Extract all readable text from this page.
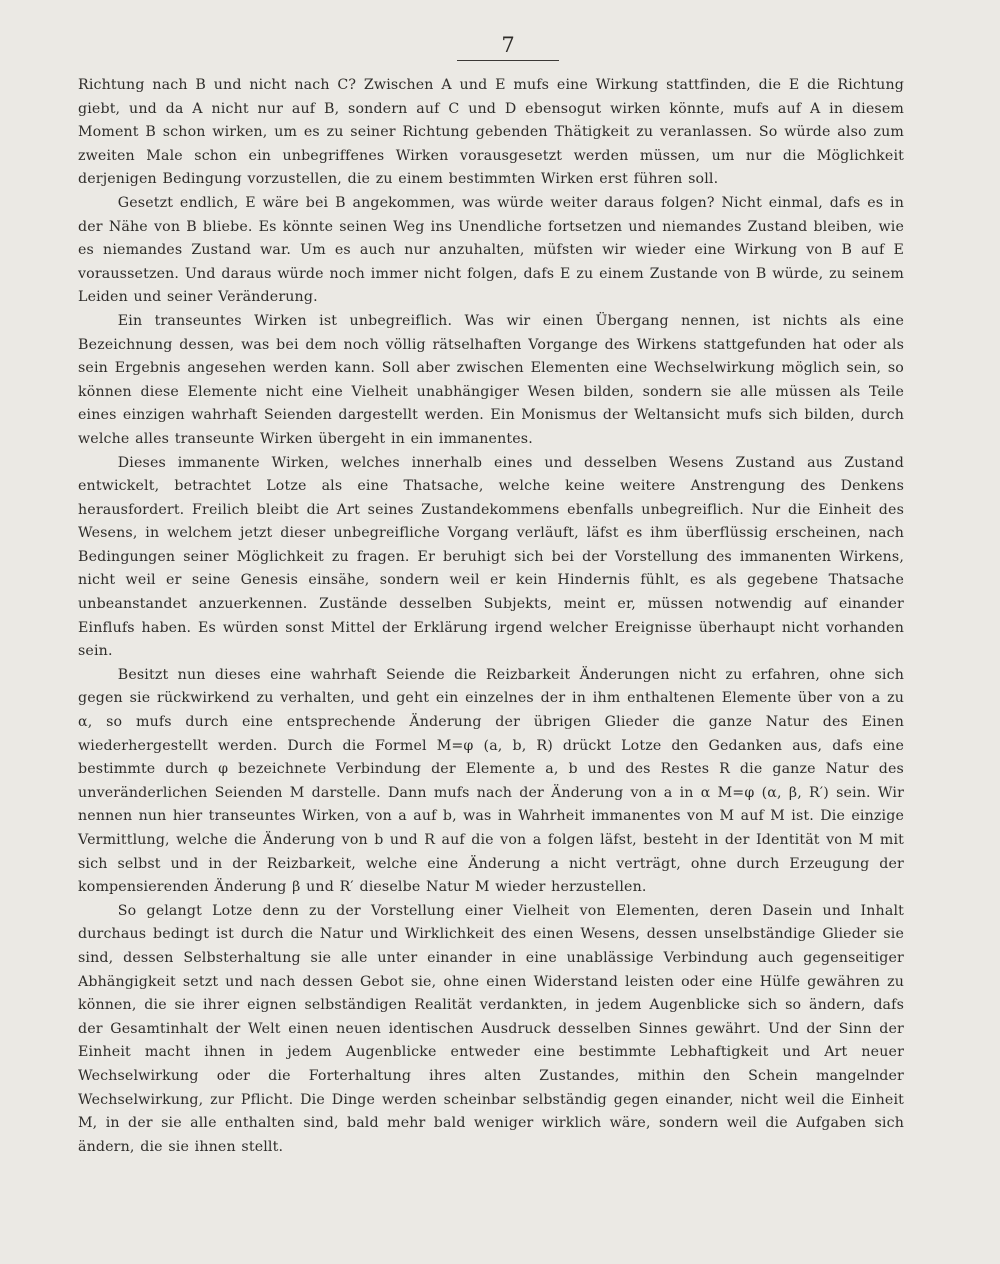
7

Richtung nach B und nicht nach C? Zwischen A und E mufs eine Wirkung stattfinden, die E die Richtung giebt, und da A nicht nur auf B, sondern auf C und D ebensogut wirken könnte, mufs auf A in diesem Moment B schon wirken, um es zu seiner Richtung gebenden Thätigkeit zu veranlassen. So würde also zum zweiten Male schon ein unbegriffenes Wirken vorausgesetzt werden müssen, um nur die Möglichkeit derjenigen Bedingung vorzustellen, die zu einem bestimmten Wirken erst führen soll.

Gesetzt endlich, E wäre bei B angekommen, was würde weiter daraus folgen? Nicht einmal, dafs es in der Nähe von B bliebe. Es könnte seinen Weg ins Unendliche fortsetzen und niemandes Zustand bleiben, wie es niemandes Zustand war. Um es auch nur anzuhalten, müfsten wir wieder eine Wirkung von B auf E voraussetzen. Und daraus würde noch immer nicht folgen, dafs E zu einem Zustande von B würde, zu seinem Leiden und seiner Veränderung.

Ein transeuntes Wirken ist unbegreiflich. Was wir einen Übergang nennen, ist nichts als eine Bezeichnung dessen, was bei dem noch völlig rätselhaften Vorgange des Wirkens stattgefunden hat oder als sein Ergebnis angesehen werden kann. Soll aber zwischen Elementen eine Wechselwirkung möglich sein, so können diese Elemente nicht eine Vielheit unabhängiger Wesen bilden, sondern sie alle müssen als Teile eines einzigen wahrhaft Seienden dargestellt werden. Ein Monismus der Weltansicht mufs sich bilden, durch welche alles transeunte Wirken übergeht in ein immanentes.

Dieses immanente Wirken, welches innerhalb eines und desselben Wesens Zustand aus Zustand entwickelt, betrachtet Lotze als eine Thatsache, welche keine weitere Anstrengung des Denkens herausfordert. Freilich bleibt die Art seines Zustandekommens ebenfalls unbegreiflich. Nur die Einheit des Wesens, in welchem jetzt dieser unbegreifliche Vorgang verläuft, läfst es ihm überflüssig erscheinen, nach Bedingungen seiner Möglichkeit zu fragen. Er beruhigt sich bei der Vorstellung des immanenten Wirkens, nicht weil er seine Genesis einsähe, sondern weil er kein Hindernis fühlt, es als gegebene Thatsache unbeanstandet anzuerkennen. Zustände desselben Subjekts, meint er, müssen notwendig auf einander Einflufs haben. Es würden sonst Mittel der Erklärung irgend welcher Ereignisse überhaupt nicht vorhanden sein.

Besitzt nun dieses eine wahrhaft Seiende die Reizbarkeit Änderungen nicht zu erfahren, ohne sich gegen sie rückwirkend zu verhalten, und geht ein einzelnes der in ihm enthaltenen Elemente über von a zu α, so mufs durch eine entsprechende Änderung der übrigen Glieder die ganze Natur des Einen wiederhergestellt werden. Durch die Formel M=φ (a, b, R) drückt Lotze den Gedanken aus, dafs eine bestimmte durch φ bezeichnete Verbindung der Elemente a, b und des Restes R die ganze Natur des unveränderlichen Seienden M darstelle. Dann mufs nach der Änderung von a in α M=φ (α, β, R′) sein. Wir nennen nun hier transeuntes Wirken, von a auf b, was in Wahrheit immanentes von M auf M ist. Die einzige Vermittlung, welche die Änderung von b und R auf die von a folgen läfst, besteht in der Identität von M mit sich selbst und in der Reizbarkeit, welche eine Änderung a nicht verträgt, ohne durch Erzeugung der kompensierenden Änderung β und R′ dieselbe Natur M wieder herzustellen.

So gelangt Lotze denn zu der Vorstellung einer Vielheit von Elementen, deren Dasein und Inhalt durchaus bedingt ist durch die Natur und Wirklichkeit des einen Wesens, dessen unselbständige Glieder sie sind, dessen Selbsterhaltung sie alle unter einander in eine unablässige Verbindung auch gegenseitiger Abhängigkeit setzt und nach dessen Gebot sie, ohne einen Widerstand leisten oder eine Hülfe gewähren zu können, die sie ihrer eignen selbständigen Realität verdankten, in jedem Augenblicke sich so ändern, dafs der Gesamtinhalt der Welt einen neuen identischen Ausdruck desselben Sinnes gewährt. Und der Sinn der Einheit macht ihnen in jedem Augenblicke entweder eine bestimmte Lebhaftigkeit und Art neuer Wechselwirkung oder die Forterhaltung ihres alten Zustandes, mithin den Schein mangelnder Wechselwirkung, zur Pflicht. Die Dinge werden scheinbar selbständig gegen einander, nicht weil die Einheit M, in der sie alle enthalten sind, bald mehr bald weniger wirklich wäre, sondern weil die Aufgaben sich ändern, die sie ihnen stellt.
